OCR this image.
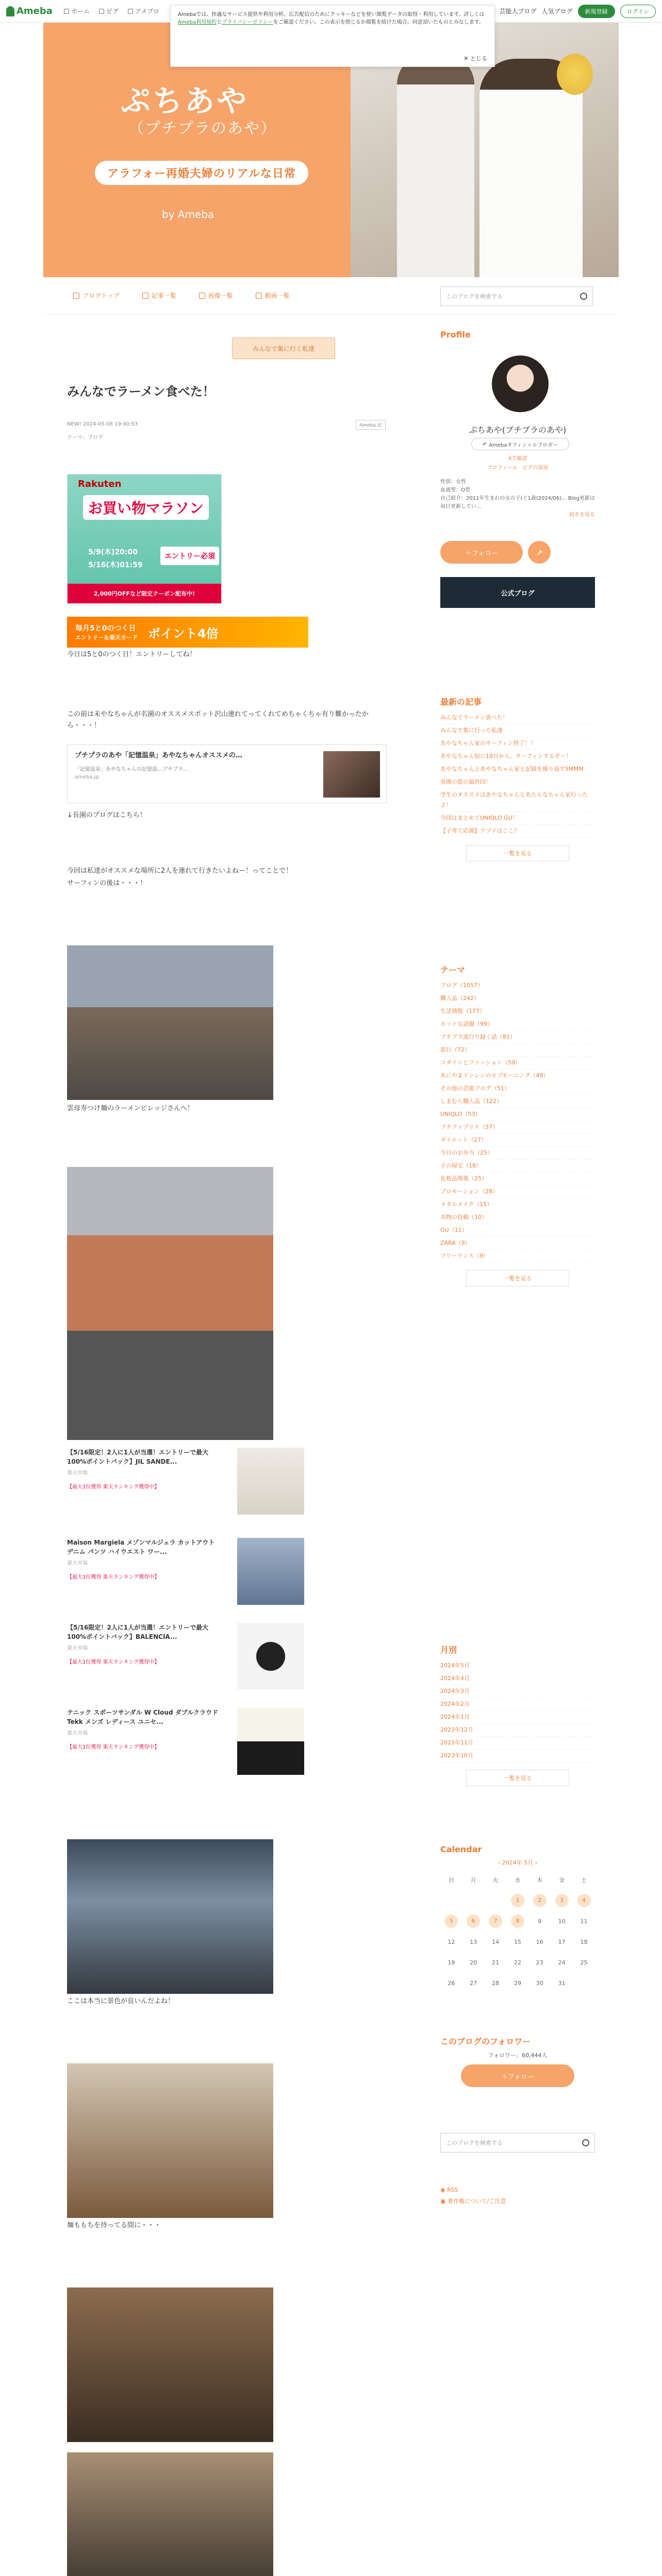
Ameba	ホーム	ピグ	アメブロ	芸能人ブログ 人気ブログ	新規登録	ログイン
ぷちあや
（プチプラのあや）
アラフォー再婚夫婦のリアルな日常
by Ameba
Amebaでは、快適なサービス提供や利用分析、広告配信のためにクッキーなどを使い閲覧データの取得・利用しています。詳しくはAmeba利用規約とプライバシーポリシーをご確認ください。この表示を閉じるか閲覧を続けた場合、同意頂いたものとみなします。
✕ とじる
ブログトップ	記事一覧	画像一覧	動画一覧	このブログを検索する
みんなで集に行く私達
みんなでラーメン食べた！
NEW! 2024-05-08 19:40:53
テーマ：ブログ
Ameba 記
Rakuten
お買い物マラソン
5/9(木)20:00
5/16(木)01:59
エントリー必須
2,000円OFFなど限定クーポン配布中!
毎月5と0のつく日
エントリー＆楽天カード ポイント4倍
今日は5と0のつく日！エントリーしてね！
この前は未やなちゃんが名園のオススメスポット沢山連れてってくれてめちゃくちゃ有り難かったから・・・！
プチプラのあや「記憶温泉」あやなちゃんオススメの…
「記憶温泉」あやなちゃんの記憶温…プチプラ…
ameba.jp
↓長園のブログはこちら！
今回は私達がオススメな場所に2人を連れて行きたいよねー！ってことで！
サーフィンの後は・・・！
雲母寿つけ麺のラーメンビレッジさんへ！
【5/16限定！2人に1人が当選！エントリーで最大100%ポイントバック】JIL SANDE...
楽天市場
【最大1位獲得 楽天ランキング獲得中】
Maison Margiela メゾンマルジェラ カットアウト デニム パンツ ハイウエスト ワー...
楽天市場
【最大1位獲得 楽天ランキング獲得中】
【5/16限定！2人に1人が当選！エントリーで最大100%ポイントバック】BALENCIA...
楽天市場
【最大1位獲得 楽天ランキング獲得中】
テニック スポーツサンダル W Cloud ダブルクラウド Tekk メンズ レディース ユニセ...
楽天市場
【最大1位獲得 楽天ランキング獲得中】
ここは本当に景色が良いんだよね！
麺ももちを待ってる間に・・・
Profile
ぷちあや(プチプラのあや)
✔ Amebaオフィシャルブロガー
Xで確認
プロフィール ピグの部屋
性別：女性
血液型：O型
自己紹介：2011年生まれの女の子(ぐ1歳(2024/06)... Blog更新は毎日更新してい…
続きを見る
＋フォロー	↗
公式ブログ
最新の記事
みんなでラーメン食べた！
みんなで集に行った私達
あやなちゃん家のサーフィン終了！！
あやなちゃん宿に10日から、サーフィンするぞー！
あやなちゃんとあやなちゃん家と記録を繰り返すSMMM
長園の旅の最終回！
学生のオススメはあやなちゃんとあたらなちゃん家行ったよ！
今回はまとめてUNIQLO GU！
【子育て応援】アプリはここ？
一覧を見る
テーマ
ブログ（1057）
購入品（242）
生活情報（177）
ホットな話題（99）
プチプラ流行り録く話（81）
旅行（72）
コダインとファッション（59）
あにやまドンレンのセブモーニング（49）
その他の芸能ブログ（51）
しまむら購入品（122）
UNIQLO（53）
ブチファブリス（37）
ダイエット（27）
今日のお弁当（25）
子の帰宅（18）
化粧品関係（25）
プロモーション（28）
メタルメイク（15）
美物の投稿（10）
GU（11）
ZARA（9）
フリーランス（9）
一覧を見る
月別
2024年5月
2024年4月
2024年3月
2024年2月
2024年1月
2023年12月
2023年11月
2023年10月
一覧を見る
Calendar
‹ 2024年 5月 ›
日	月	火	水	木	金	土
			1	2	3	4
5	6	7	8	9	10	11
12	13	14	15	16	17	18
19	20	21	22	23	24	25
26	27	28	29	30	31	
このブログのフォロワー
フォロワー：60,444人
＋フォロー
このブログを検索する
◉ RSS
▣ 著作権について/ご注意
